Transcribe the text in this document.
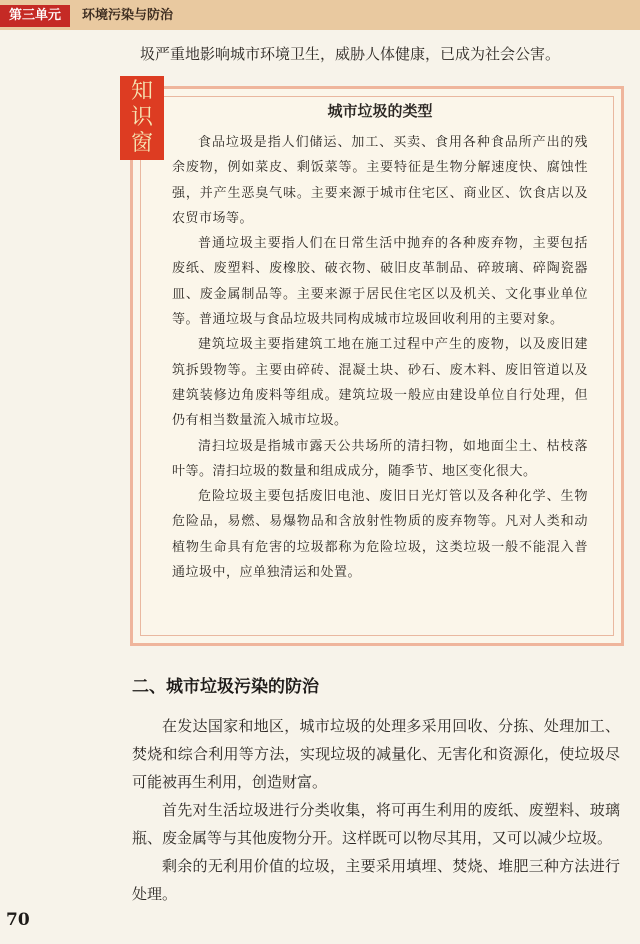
第三单元	环境污染与防治
圾严重地影响城市环境卫生，威胁人体健康，已成为社会公害。
知
识
窗
城市垃圾的类型

食品垃圾是指人们储运、加工、买卖、食用各种食品所产出的残余废物，例如菜皮、剩饭菜等。主要特征是生物分解速度快、腐蚀性强，并产生恶臭气味。主要来源于城市住宅区、商业区、饮食店以及农贸市场等。

普通垃圾主要指人们在日常生活中抛弃的各种废弃物，主要包括废纸、废塑料、废橡胶、破衣物、破旧皮革制品、碎玻璃、碎陶瓷器皿、废金属制品等。主要来源于居民住宅区以及机关、文化事业单位等。普通垃圾与食品垃圾共同构成城市垃圾回收利用的主要对象。

建筑垃圾主要指建筑工地在施工过程中产生的废物，以及废旧建筑拆毁物等。主要由碎砖、混凝土块、砂石、废木料、废旧管道以及建筑装修边角废料等组成。建筑垃圾一般应由建设单位自行处理，但仍有相当数量流入城市垃圾。

清扫垃圾是指城市露天公共场所的清扫物，如地面尘土、枯枝落叶等。清扫垃圾的数量和组成成分，随季节、地区变化很大。

危险垃圾主要包括废旧电池、废旧日光灯管以及各种化学、生物危险品，易燃、易爆物品和含放射性物质的废弃物等。凡对人类和动植物生命具有危害的垃圾都称为危险垃圾，这类垃圾一般不能混入普通垃圾中，应单独清运和处置。

二、城市垃圾污染的防治

在发达国家和地区，城市垃圾的处理多采用回收、分拣、处理加工、焚烧和综合利用等方法，实现垃圾的减量化、无害化和资源化，使垃圾尽可能被再生利用，创造财富。

首先对生活垃圾进行分类收集，将可再生利用的废纸、废塑料、玻璃瓶、废金属等与其他废物分开。这样既可以物尽其用，又可以减少垃圾。

剩余的无利用价值的垃圾，主要采用填埋、焚烧、堆肥三种方法进行处理。

70
